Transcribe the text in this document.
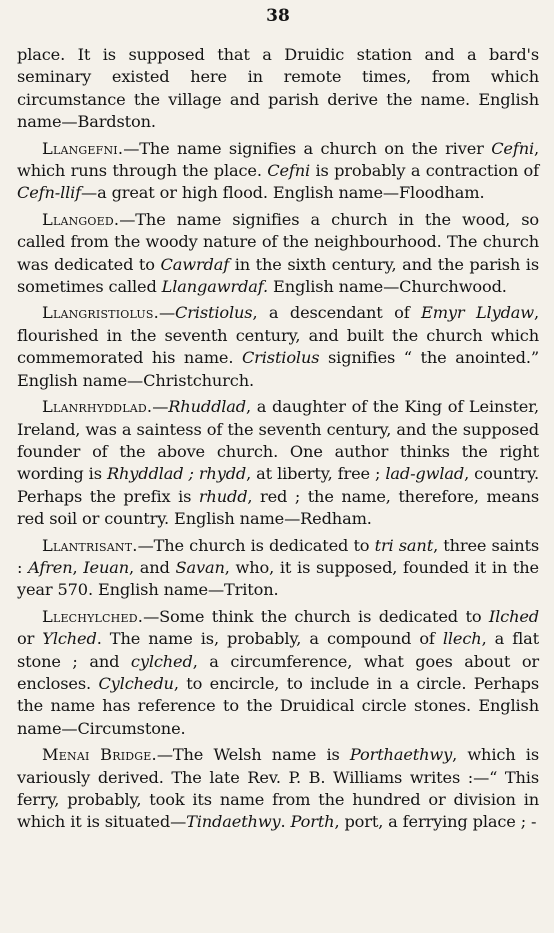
38

place. It is supposed that a Druidic station and a bard's seminary existed here in remote times, from which circumstance the village and parish derive the name. English name—Bardston.

Llangefni.—The name signifies a church on the river Cefni, which runs through the place. Cefni is probably a contraction of Cefn-llif—a great or high flood. English name—Floodham.

Llangoed.—The name signifies a church in the wood, so called from the woody nature of the neighbourhood. The church was dedicated to Cawrdaf in the sixth century, and the parish is sometimes called Llangawrdaf. English name—Churchwood.

Llangristiolus.—Cristiolus, a descendant of Emyr Llydaw, flourished in the seventh century, and built the church which commemorated his name. Cristiolus signifies “ the anointed.” English name—Christchurch.

Llanrhyddlad.—Rhuddlad, a daughter of the King of Leinster, Ireland, was a saintess of the seventh century, and the supposed founder of the above church. One author thinks the right wording is Rhyddlad ; rhydd, at liberty, free ; lad-gwlad, country. Perhaps the prefix is rhudd, red ; the name, therefore, means red soil or country. English name—Redham.

Llantrisant.—The church is dedicated to tri sant, three saints : Afren, Ieuan, and Savan, who, it is supposed, founded it in the year 570. English name—Triton.

Llechylched.—Some think the church is dedicated to Ilched or Ylched. The name is, probably, a compound of llech, a flat stone ; and cylched, a circumference, what goes about or encloses. Cylchedu, to encircle, to include in a circle. Perhaps the name has reference to the Druidical circle stones. English name—Circumstone.

Menai Bridge.—The Welsh name is Porthaethwy, which is variously derived. The late Rev. P. B. Williams writes :—“ This ferry, probably, took its name from the hundred or division in which it is situated—Tindaethwy. Porth, port, a ferrying place ; -
